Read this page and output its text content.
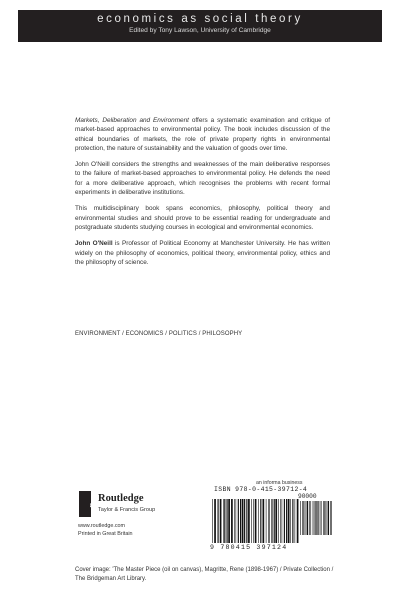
economics as social theory
Edited by Tony Lawson, University of Cambridge

Markets, Deliberation and Environment offers a systematic examination and critique of market-based approaches to environmental policy. The book includes discussion of the ethical boundaries of markets, the role of private property rights in environmental protection, the nature of sustainability and the valuation of goods over time.

John O'Neill considers the strengths and weaknesses of the main deliberative responses to the failure of market-based approaches to environmental policy. He defends the need for a more deliberative approach, which recognises the problems with recent formal experiments in deliberative institutions.

This multidisciplinary book spans economics, philosophy, political theory and environmental studies and should prove to be essential reading for undergraduate and postgraduate students studying courses in ecological and environmental economics.

John O'Neill is Professor of Political Economy at Manchester University. He has written widely on the philosophy of economics, political theory, environmental policy, ethics and the philosophy of science.

ENVIRONMENT / ECONOMICS / POLITICS / PHILOSOPHY
an informa business
R
Routledge
Taylor & Francis Group
www.routledge.com
Printed in Great Britain
ISBN 978-0-415-39712-4
90000
9 780415 397124
Cover image: 'The Master Piece (oil on canvas), Magritte, Rene (1898-1967) / Private Collection / The Bridgeman Art Library.
